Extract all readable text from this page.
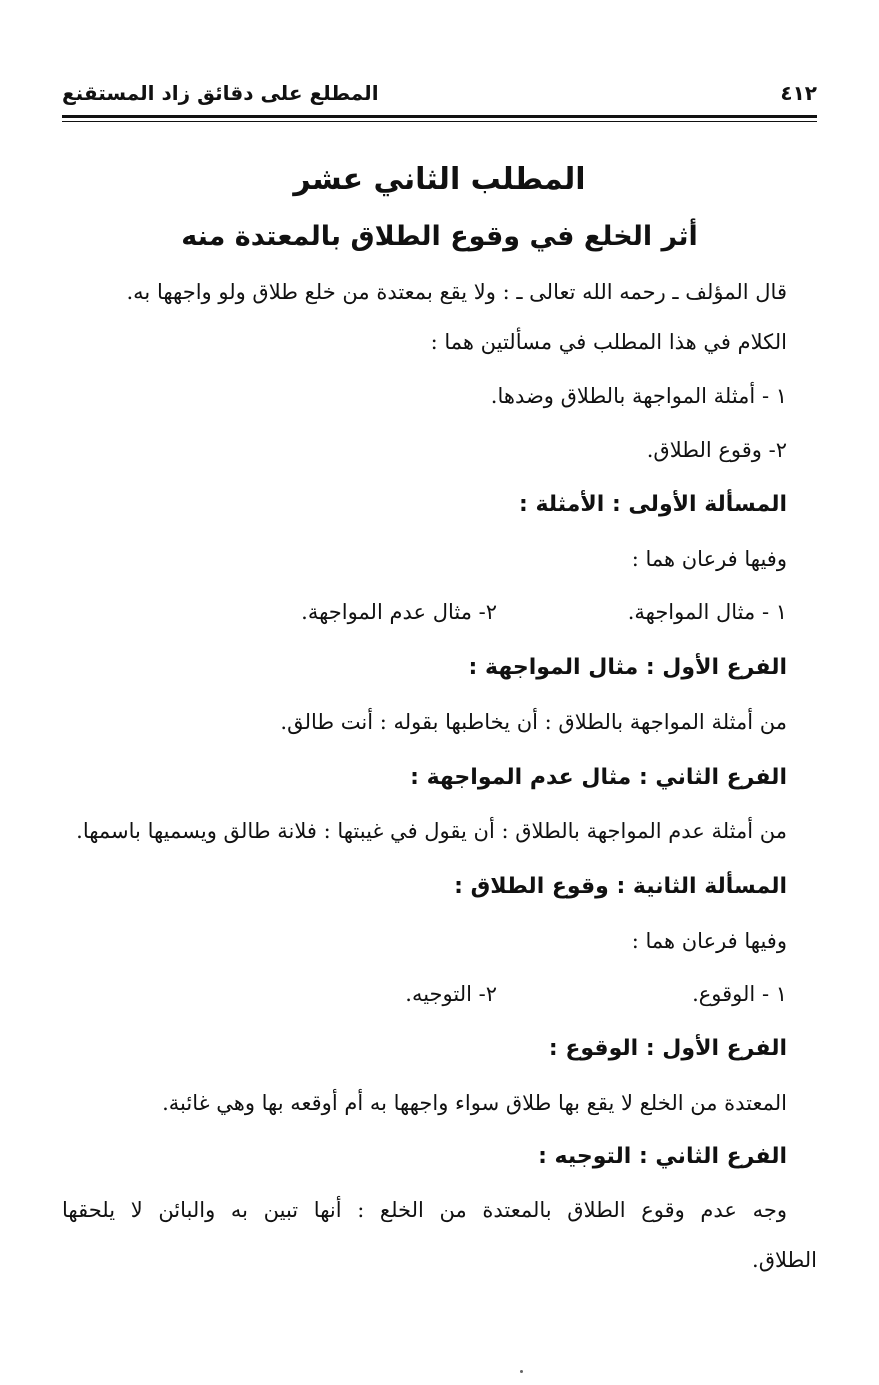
٤١٢
المطلع على دقائق زاد المستقنع
المطلب الثاني عشر
أثر الخلع في وقوع الطلاق بالمعتدة منه
قال المؤلف ـ رحمه الله تعالى ـ : ولا يقع بمعتدة من خلع طلاق ولو واجهها به.
الكلام في هذا المطلب في مسألتين هما :
١ - أمثلة المواجهة بالطلاق وضدها.
٢- وقوع الطلاق.
المسألة الأولى : الأمثلة :
وفيها فرعان هما :
١ - مثال المواجهة.
٢- مثال عدم المواجهة.
الفرع الأول : مثال المواجهة :
من أمثلة المواجهة بالطلاق : أن يخاطبها بقوله : أنت طالق.
الفرع الثاني : مثال عدم المواجهة :
من أمثلة عدم المواجهة بالطلاق : أن يقول في غيبتها : فلانة طالق ويسميها باسمها.
المسألة الثانية : وقوع الطلاق :
وفيها فرعان هما :
١ - الوقوع.
٢- التوجيه.
الفرع الأول : الوقوع :
المعتدة من الخلع لا يقع بها طلاق سواء واجهها به أم أوقعه بها وهي غائبة.
الفرع الثاني : التوجيه :
وجه عدم وقوع الطلاق بالمعتدة من الخلع : أنها تبين به والبائن لا يلحقها
الطلاق.
